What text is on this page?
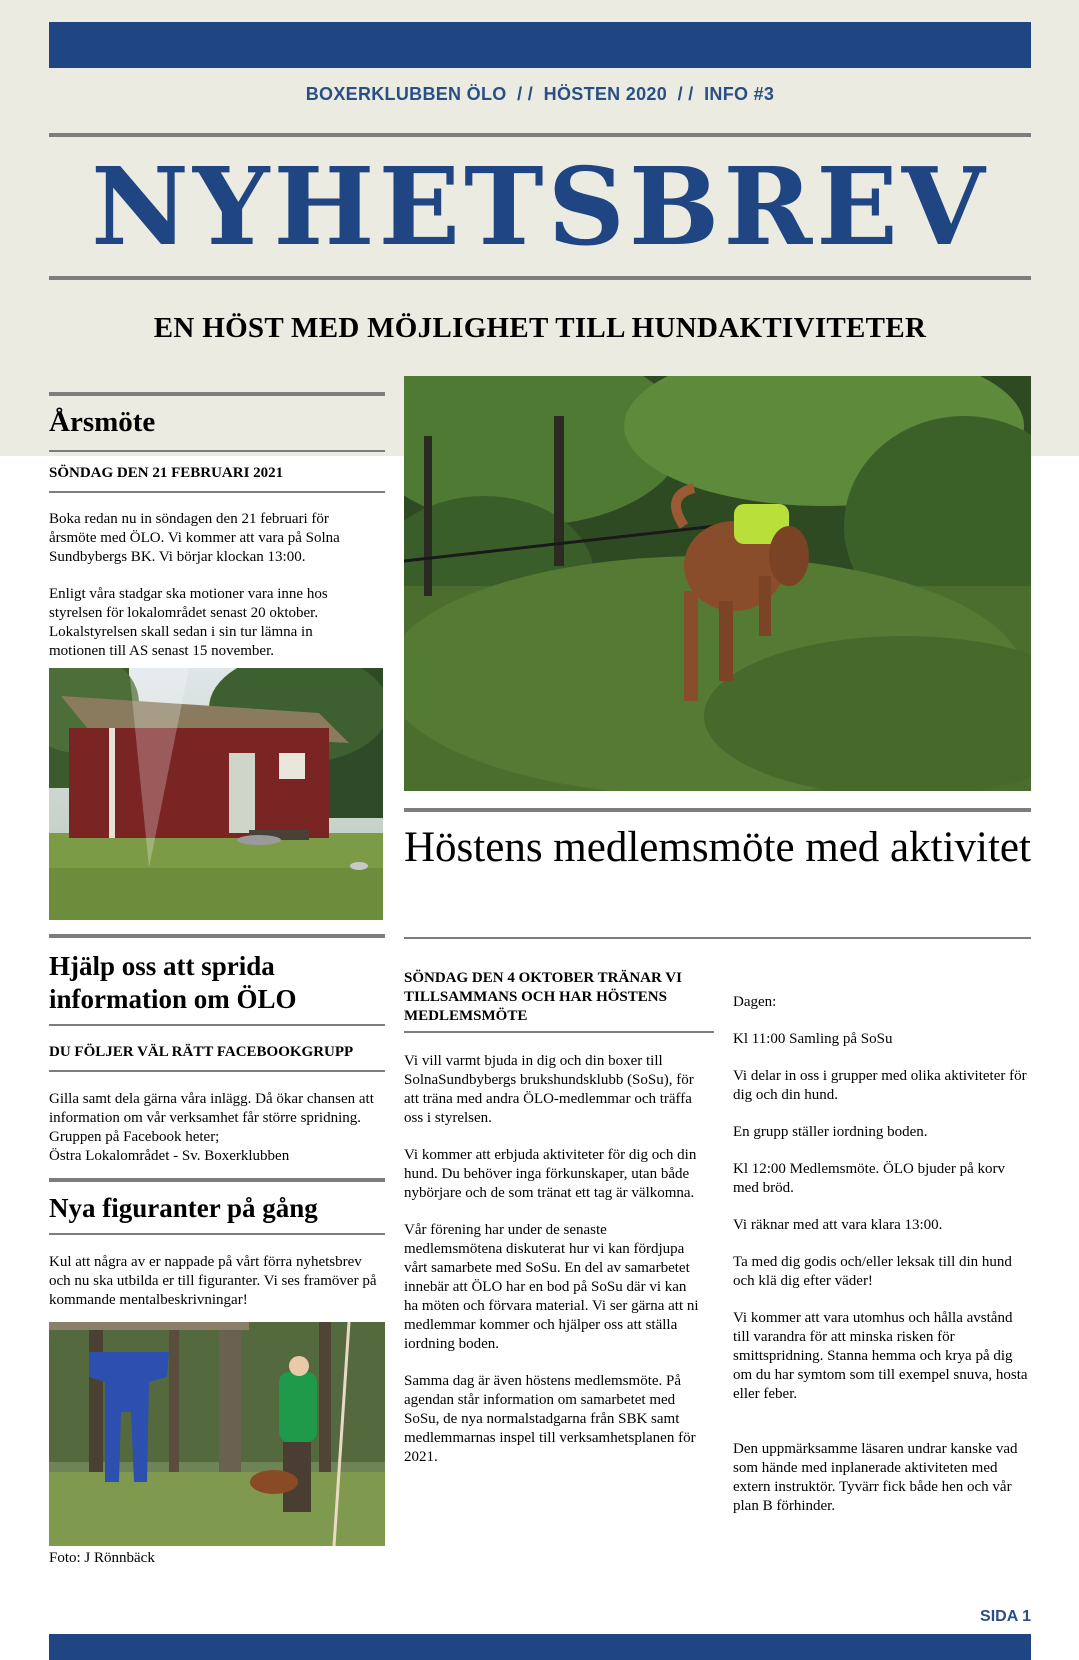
BOXERKLUBBEN ÖLO  / /  HÖSTEN 2020  / /  INFO #3
NYHETSBREV
EN HÖST MED MÖJLIGHET TILL HUNDAKTIVITETER
Årsmöte
SÖNDAG DEN 21 FEBRUARI 2021

Boka redan nu in söndagen den 21 februari för årsmöte med ÖLO. Vi kommer att vara på Solna Sundbybergs BK. Vi börjar klockan 13:00.

Enligt våra stadgar ska motioner vara inne hos styrelsen för lokalområdet senast 20 oktober. Lokalstyrelsen skall sedan i sin tur lämna in motionen till AS senast 15 november.

Hjälp oss att sprida information om ÖLO
DU FÖLJER VÄL RÄTT FACEBOOKGRUPP
Gilla samt dela gärna våra inlägg. Då ökar chansen att information om vår verksamhet får större spridning. Gruppen på Facebook heter;
Östra Lokalområdet - Sv. Boxerklubben
Nya figuranter på gång
Kul att några av er nappade på vårt förra nyhetsbrev och nu ska utbilda er till figuranter. Vi ses framöver på kommande mentalbeskrivningar!
Foto: J Rönnbäck
Höstens medlemsmöte med aktivitet
SÖNDAG DEN 4 OKTOBER TRÄNAR VI TILLSAMMANS OCH HAR HÖSTENS MEDLEMSMÖTE

Vi vill varmt bjuda in dig och din boxer till SolnaSundbybergs brukshundsklubb (SoSu), för att träna med andra ÖLO-medlemmar och träffa oss i styrelsen.

Vi kommer att erbjuda aktiviteter för dig och din hund. Du behöver inga förkunskaper, utan både nybörjare och de som tränat ett tag är välkomna.

Vår förening har under de senaste medlemsmötena diskuterat hur vi kan fördjupa vårt samarbete med SoSu. En del av samarbetet innebär att ÖLO har en bod på SoSu där vi kan ha möten och förvara material. Vi ser gärna att ni medlemmar kommer och hjälper oss att ställa iordning boden.

Samma dag är även höstens medlemsmöte. På agendan står information om samarbetet med SoSu, de nya normalstadgarna från SBK samt medlemmarnas inspel till verksamhetsplanen för 2021.

Dagen:

Kl 11:00 Samling på SoSu

Vi delar in oss i grupper med olika aktiviteter för dig och din hund.

En grupp ställer iordning boden.

Kl 12:00 Medlemsmöte. ÖLO bjuder på korv med bröd.

Vi räknar med att vara klara 13:00.

Ta med dig godis och/eller leksak till din hund och klä dig efter väder!

Vi kommer att vara utomhus och hålla avstånd till varandra för att minska risken för smittspridning. Stanna hemma och krya på dig om du har symtom som till exempel snuva, hosta eller feber.

Den uppmärksamme läsaren undrar kanske vad som hände med inplanerade aktiviteten med extern instruktör. Tyvärr fick både hen och vår plan B förhinder.

SIDA 1
